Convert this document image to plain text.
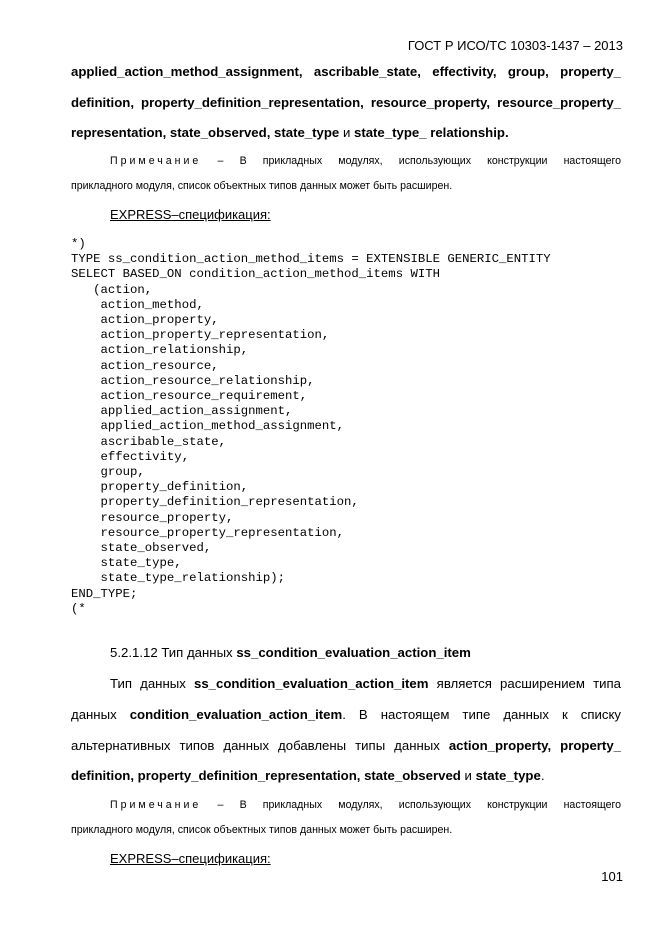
ГОСТ Р ИСО/ТС 10303-1437 – 2013
applied_action_method_assignment, ascribable_state, effectivity, group, property_
definition, property_definition_representation, resource_property, resource_property_
representation, state_observed, state_type и state_type_ relationship.
Примечание – В прикладных модулях, использующих конструкции настоящего
прикладного модуля, список объектных типов данных может быть расширен.
EXPRESS–спецификация:
*)
TYPE ss_condition_action_method_items = EXTENSIBLE GENERIC_ENTITY
SELECT BASED_ON condition_action_method_items WITH
(action,
action_method,
action_property,
action_property_representation,
action_relationship,
action_resource,
action_resource_relationship,
action_resource_requirement,
applied_action_assignment,
applied_action_method_assignment,
ascribable_state,
effectivity,
group,
property_definition,
property_definition_representation,
resource_property,
resource_property_representation,
state_observed,
state_type,
state_type_relationship);
END_TYPE;
(*
5.2.1.12 Тип данных ss_condition_evaluation_action_item
Тип данных ss_condition_evaluation_action_item является расширением типа
данных condition_evaluation_action_item. В настоящем типе данных к списку
альтернативных типов данных добавлены типы данных action_property, property_
definition, property_definition_representation, state_observed и state_type.
Примечание – В прикладных модулях, использующих конструкции настоящего
прикладного модуля, список объектных типов данных может быть расширен.
EXPRESS–спецификация:
101
